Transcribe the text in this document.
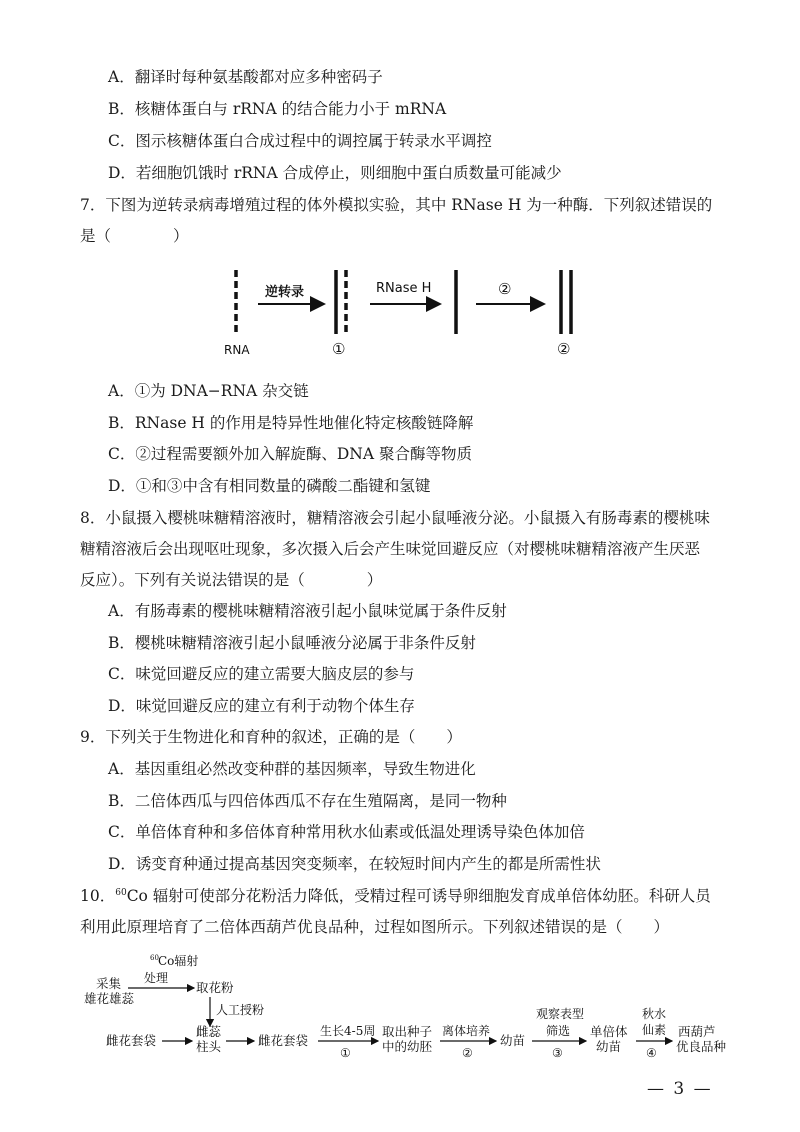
A．翻译时每种氨基酸都对应多种密码子
B．核糖体蛋白与 rRNA 的结合能力小于 mRNA
C．图示核糖体蛋白合成过程中的调控属于转录水平调控
D．若细胞饥饿时 rRNA 合成停止，则细胞中蛋白质数量可能减少
7．下图为逆转录病毒增殖过程的体外模拟实验，其中 RNase H 为一种酶．下列叙述错误的
是（　　　　）
逆转录	RNase H	②
RNA	①	②
A．①为 DNA−RNA 杂交链
B．RNase H 的作用是特异性地催化特定核酸链降解
C．②过程需要额外加入解旋酶、DNA 聚合酶等物质
D．①和③中含有相同数量的磷酸二酯键和氢键
8．小鼠摄入樱桃味糖精溶液时，糖精溶液会引起小鼠唾液分泌。小鼠摄入有肠毒素的樱桃味
糖精溶液后会出现呕吐现象，多次摄入后会产生味觉回避反应（对樱桃味糖精溶液产生厌恶
反应）。下列有关说法错误的是（　　　　）
A．有肠毒素的樱桃味糖精溶液引起小鼠味觉属于条件反射
B．樱桃味糖精溶液引起小鼠唾液分泌属于非条件反射
C．味觉回避反应的建立需要大脑皮层的参与
D．味觉回避反应的建立有利于动物个体生存
9．下列关于生物进化和育种的叙述，正确的是（　　）
A．基因重组必然改变种群的基因频率，导致生物进化
B．二倍体西瓜与四倍体西瓜不存在生殖隔离，是同一物种
C．单倍体育种和多倍体育种常用秋水仙素或低温处理诱导染色体加倍
D．诱变育种通过提高基因突变频率，在较短时间内产生的都是所需性状
10．$^{60}$Co 辐射可使部分花粉活力降低，受精过程可诱导卵细胞发育成单倍体幼胚。科研人员
利用此原理培育了二倍体西葫芦优良品种，过程如图所示。下列叙述错误的是（　　）
采集
雄花雄蕊
60 Co辐射
处理
取花粉
人工授粉
雌花套袋
雌蕊
柱头	雌花套袋
生长4-5周
①
取出种子
中的幼胚
离体培养
②
幼苗
观察表型
筛选
③
单倍体
幼苗
秋水
仙素
④
西葫芦
优良品种
— 3 —
